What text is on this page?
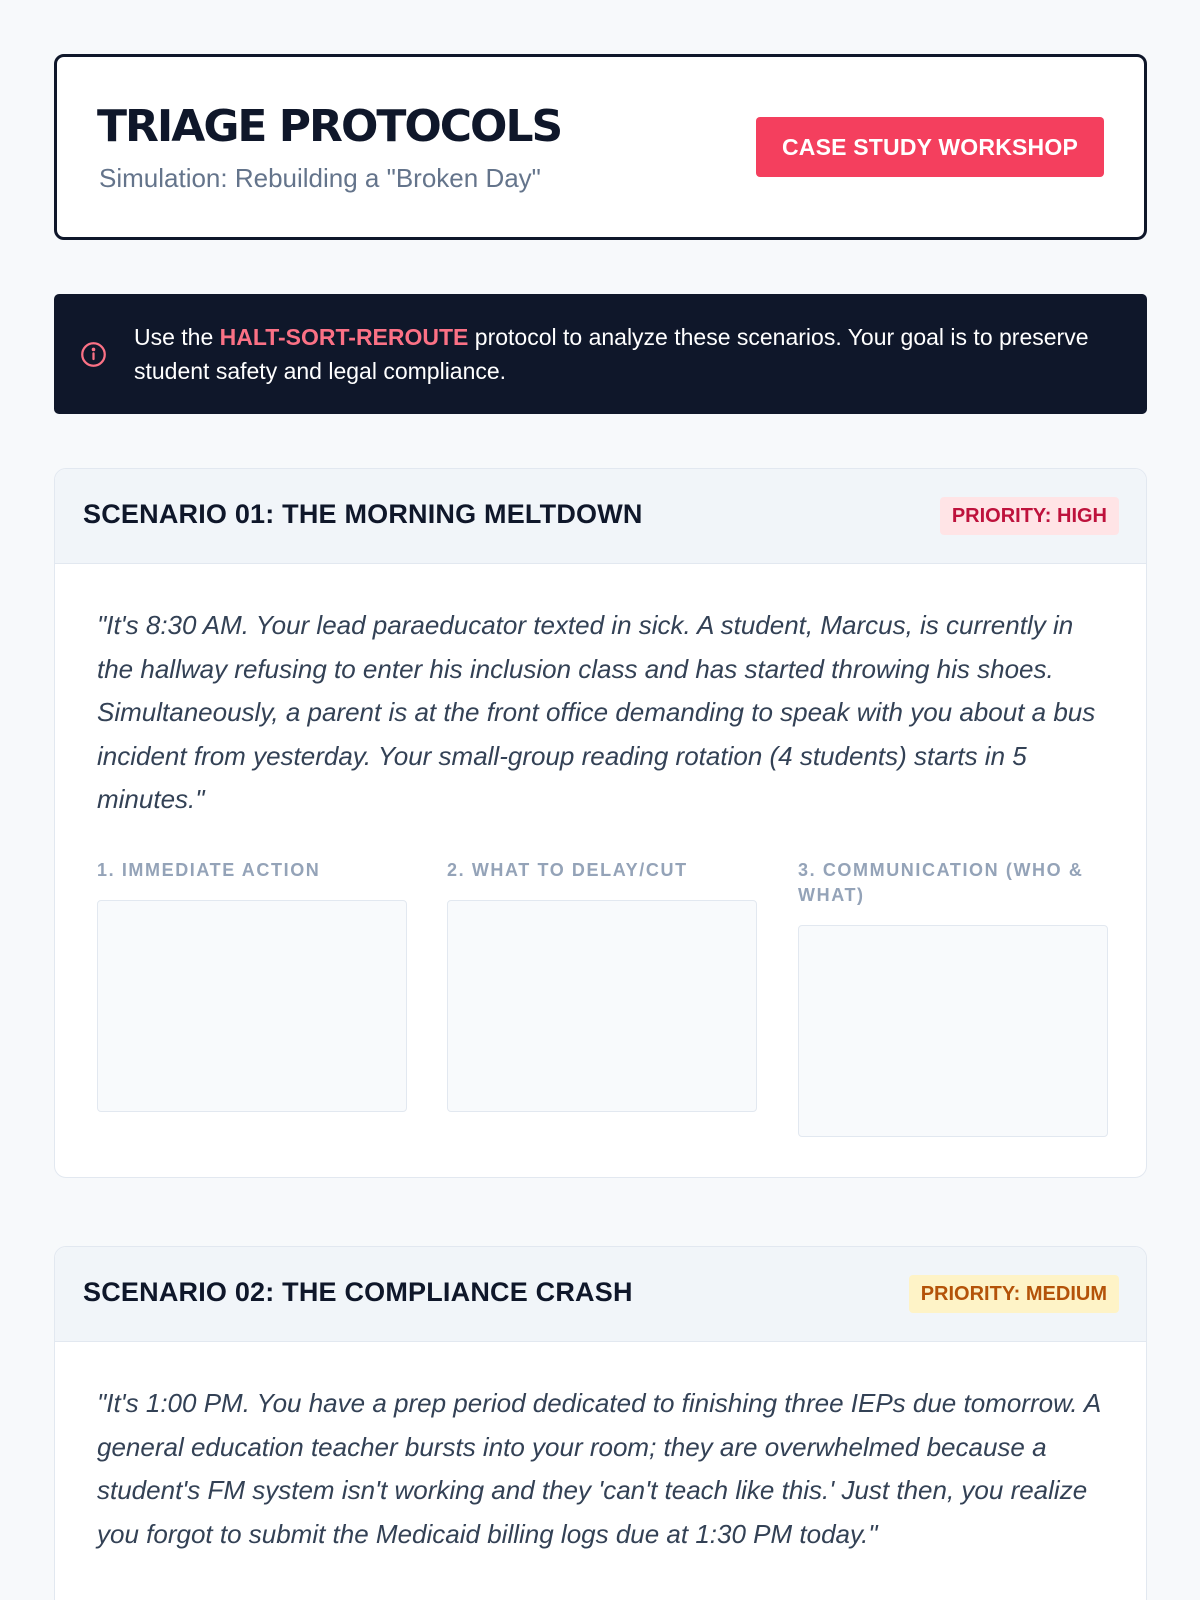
TRIAGE PROTOCOLS
Simulation: Rebuilding a "Broken Day"
CASE STUDY WORKSHOP

Use the HALT-SORT-REROUTE protocol to analyze these scenarios. Your goal is to preserve student safety and legal compliance.

SCENARIO 01: THE MORNING MELTDOWN	PRIORITY: HIGH

"It's 8:30 AM. Your lead paraeducator texted in sick. A student, Marcus, is currently in the hallway refusing to enter his inclusion class and has started throwing his shoes. Simultaneously, a parent is at the front office demanding to speak with you about a bus incident from yesterday. Your small-group reading rotation (4 students) starts in 5 minutes."

1. IMMEDIATE ACTION	2. WHAT TO DELAY/CUT	3. COMMUNICATION (WHO & WHAT)
SCENARIO 02: THE COMPLIANCE CRASH	PRIORITY: MEDIUM

"It's 1:00 PM. You have a prep period dedicated to finishing three IEPs due tomorrow. A general education teacher bursts into your room; they are overwhelmed because a student's FM system isn't working and they 'can't teach like this.' Just then, you realize you forgot to submit the Medicaid billing logs due at 1:30 PM today."
